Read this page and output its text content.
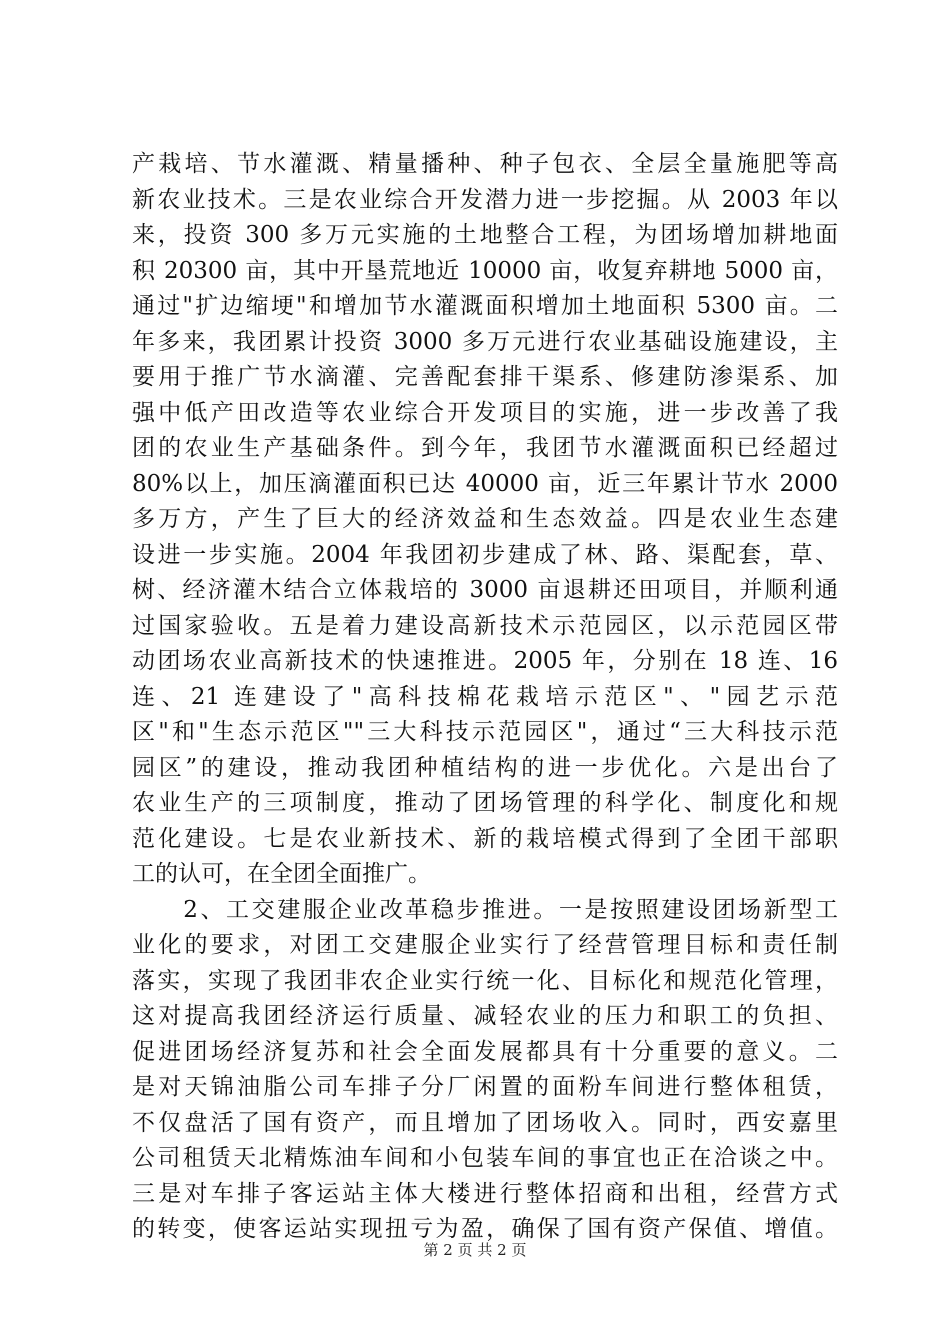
产栽培、节水灌溉、精量播种、种子包衣、全层全量施肥等高
新农业技术。三是农业综合开发潜力进一步挖掘。从 2003 年以
来，投资 300 多万元实施的土地整合工程，为团场增加耕地面
积 20300 亩，其中开垦荒地近 10000 亩，收复弃耕地 5000 亩，
通过"扩边缩埂"和增加节水灌溉面积增加土地面积 5300 亩。二
年多来，我团累计投资 3000 多万元进行农业基础设施建设，主
要用于推广节水滴灌、完善配套排干渠系、修建防渗渠系、加
强中低产田改造等农业综合开发项目的实施，进一步改善了我
团的农业生产基础条件。到今年，我团节水灌溉面积已经超过
80%以上，加压滴灌面积已达 40000 亩，近三年累计节水 2000
多万方，产生了巨大的经济效益和生态效益。四是农业生态建
设进一步实施。2004 年我团初步建成了林、路、渠配套，草、
树、经济灌木结合立体栽培的 3000 亩退耕还田项目，并顺利通
过国家验收。五是着力建设高新技术示范园区，以示范园区带
动团场农业高新技术的快速推进。2005 年，分别在 18 连、16
连、21 连建设了"高科技棉花栽培示范区"、"园艺示范
区"和"生态示范区""三大科技示范园区"，通过“三大科技示范
园区”的建设，推动我团种植结构的进一步优化。六是出台了
农业生产的三项制度，推动了团场管理的科学化、制度化和规
范化建设。七是农业新技术、新的栽培模式得到了全团干部职
工的认可，在全团全面推广。
　　2、工交建服企业改革稳步推进。一是按照建设团场新型工
业化的要求，对团工交建服企业实行了经营管理目标和责任制
落实，实现了我团非农企业实行统一化、目标化和规范化管理，
这对提高我团经济运行质量、减轻农业的压力和职工的负担、
促进团场经济复苏和社会全面发展都具有十分重要的意义。二
是对天锦油脂公司车排子分厂闲置的面粉车间进行整体租赁，
不仅盘活了国有资产，而且增加了团场收入。同时，西安嘉里
公司租赁天北精炼油车间和小包装车间的事宜也正在洽谈之中。
三是对车排子客运站主体大楼进行整体招商和出租，经营方式
的转变，使客运站实现扭亏为盈，确保了国有资产保值、增值。
第 2 页 共 2 页
